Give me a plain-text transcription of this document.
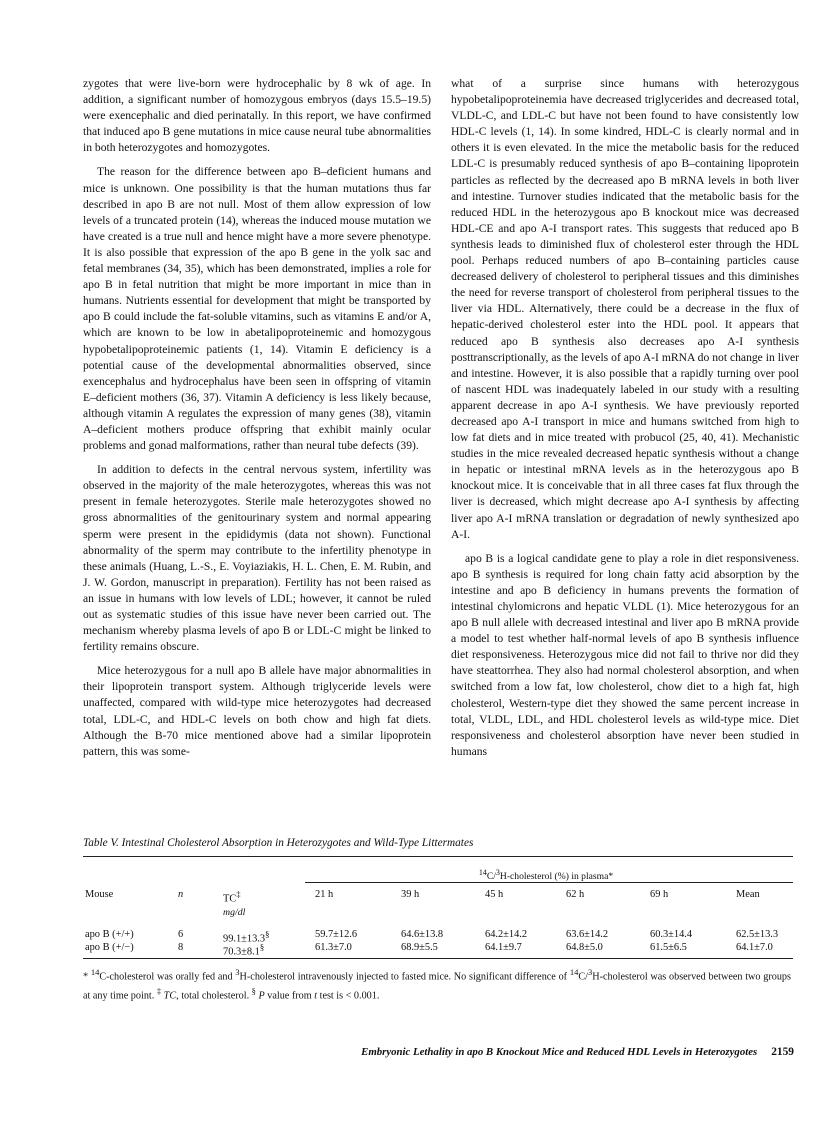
zygotes that were live-born were hydrocephalic by 8 wk of age. In addition, a significant number of homozygous embryos (days 15.5–19.5) were exencephalic and died perinatally. In this report, we have confirmed that induced apo B gene mutations in mice cause neural tube abnormalities in both heterozygotes and homozygotes.

The reason for the difference between apo B–deficient humans and mice is unknown. One possibility is that the human mutations thus far described in apo B are not null. Most of them allow expression of low levels of a truncated protein (14), whereas the induced mouse mutation we have created is a true null and hence might have a more severe phenotype. It is also possible that expression of the apo B gene in the yolk sac and fetal membranes (34, 35), which has been demonstrated, implies a role for apo B in fetal nutrition that might be more important in mice than in humans. Nutrients essential for development that might be transported by apo B could include the fat-soluble vitamins, such as vitamins E and/or A, which are known to be low in abetalipoproteinemic and homozygous hypobetalipoproteinemic patients (1, 14). Vitamin E deficiency is a potential cause of the developmental abnormalities observed, since exencephalus and hydrocephalus have been seen in offspring of vitamin E–deficient mothers (36, 37). Vitamin A deficiency is less likely because, although vitamin A regulates the expression of many genes (38), vitamin A–deficient mothers produce offspring that exhibit mainly ocular problems and gonad malformations, rather than neural tube defects (39).

In addition to defects in the central nervous system, infertility was observed in the majority of the male heterozygotes, whereas this was not present in female heterozygotes. Sterile male heterozygotes showed no gross abnormalities of the genitourinary system and normal appearing sperm were present in the epididymis (data not shown). Functional abnormality of the sperm may contribute to the infertility phenotype in these animals (Huang, L.-S., E. Voyiaziakis, H. L. Chen, E. M. Rubin, and J. W. Gordon, manuscript in preparation). Fertility has not been raised as an issue in humans with low levels of LDL; however, it cannot be ruled out as systematic studies of this issue have never been carried out. The mechanism whereby plasma levels of apo B or LDL-C might be linked to fertility remains obscure.

Mice heterozygous for a null apo B allele have major abnormalities in their lipoprotein transport system. Although triglyceride levels were unaffected, compared with wild-type mice heterozygotes had decreased total, LDL-C, and HDL-C levels on both chow and high fat diets. Although the B-70 mice mentioned above had a similar lipoprotein pattern, this was some-

what of a surprise since humans with heterozygous hypobetalipoproteinemia have decreased triglycerides and decreased total, VLDL-C, and LDL-C but have not been found to have consistently low HDL-C levels (1, 14). In some kindred, HDL-C is clearly normal and in others it is even elevated. In the mice the metabolic basis for the reduced LDL-C is presumably reduced synthesis of apo B–containing lipoprotein particles as reflected by the decreased apo B mRNA levels in both liver and intestine. Turnover studies indicated that the metabolic basis for the reduced HDL in the heterozygous apo B knockout mice was decreased HDL-CE and apo A-I transport rates. This suggests that reduced apo B synthesis leads to diminished flux of cholesterol ester through the HDL pool. Perhaps reduced numbers of apo B–containing particles cause decreased delivery of cholesterol to peripheral tissues and this diminishes the need for reverse transport of cholesterol from peripheral tissues to the liver via HDL. Alternatively, there could be a decrease in the flux of hepatic-derived cholesterol ester into the HDL pool. It appears that reduced apo B synthesis also decreases apo A-I synthesis posttranscriptionally, as the levels of apo A-I mRNA do not change in liver and intestine. However, it is also possible that a rapidly turning over pool of nascent HDL was inadequately labeled in our study with a resulting apparent decrease in apo A-I synthesis. We have previously reported decreased apo A-I transport in mice and humans switched from high to low fat diets and in mice treated with probucol (25, 40, 41). Mechanistic studies in the mice revealed decreased hepatic synthesis without a change in hepatic or intestinal mRNA levels as in the heterozygous apo B knockout mice. It is conceivable that in all three cases fat flux through the liver is decreased, which might decrease apo A-I synthesis by affecting liver apo A-I mRNA translation or degradation of newly synthesized apo A-I.

apo B is a logical candidate gene to play a role in diet responsiveness. apo B synthesis is required for long chain fatty acid absorption by the intestine and apo B deficiency in humans prevents the formation of intestinal chylomicrons and hepatic VLDL (1). Mice heterozygous for an apo B null allele with decreased intestinal and liver apo B mRNA provide a model to test whether half-normal levels of apo B synthesis influence diet responsiveness. Heterozygous mice did not fail to thrive nor did they have steattorrhea. They also had normal cholesterol absorption, and when switched from a low fat, low cholesterol, chow diet to a high fat, high cholesterol, Western-type diet they showed the same percent increase in total, VLDL, LDL, and HDL cholesterol levels as wild-type mice. Diet responsiveness and cholesterol absorption have never been studied in humans

Table V. Intestinal Cholesterol Absorption in Heterozygotes and Wild-Type Littermates
$^{14}$C/$^3$H-cholesterol (%) in plasma*
Mouse	n	TC‡	21 h	39 h	45 h	62 h	69 h	Mean
mg/dl
apo B (+/+)	6	99.1±13.3§	59.7±12.6	64.6±13.8	64.2±14.2	63.6±14.2	60.3±14.4	62.5±13.3
apo B (+/−)	8	70.3±8.1§	61.3±7.0	68.9±5.5	64.1±9.7	64.8±5.0	61.5±6.5	64.1±7.0
* $^{14}$C-cholesterol was orally fed and $^3$H-cholesterol intravenously injected to fasted mice. No significant difference of $^{14}$C/$^3$H-cholesterol was observed between two groups at any time point. ‡ TC, total cholesterol. § P value from t test is < 0.001.
Embryonic Lethality in apo B Knockout Mice and Reduced HDL Levels in Heterozygotes 2159
